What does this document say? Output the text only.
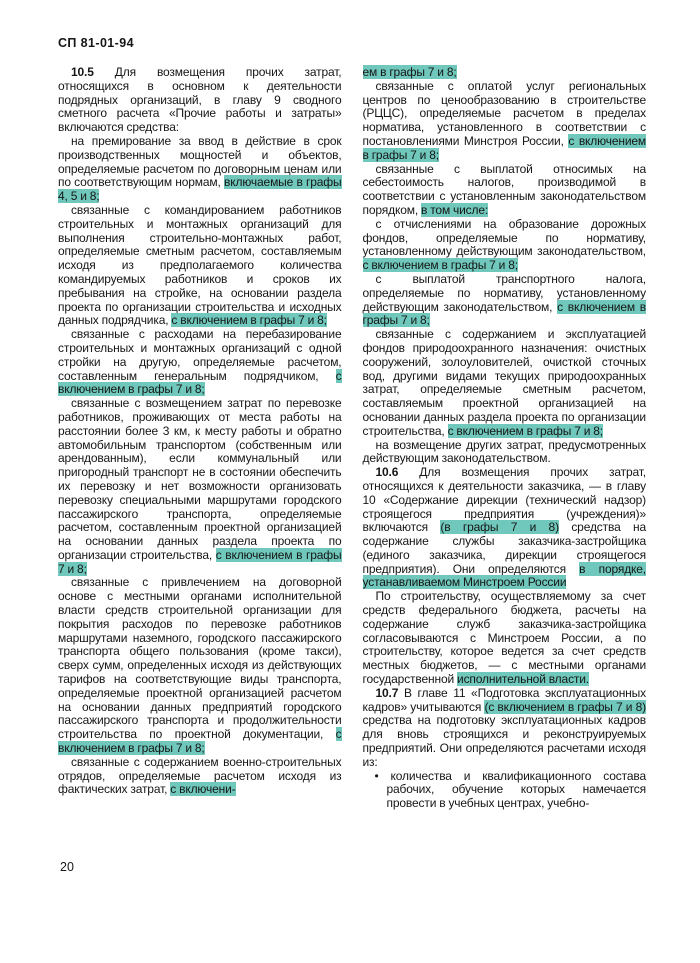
СП 81-01-94

10.5 Для возмещения прочих затрат, относящихся в основном к деятельности подрядных организаций, в главу 9 сводного сметного расчета «Прочие работы и затраты» включаются средства:

на премирование за ввод в действие в срок производственных мощностей и объектов, определяемые расчетом по договорным ценам или по соответствующим нормам, включаемые в графы 4, 5 и 8;

связанные с командированием работников строительных и монтажных организаций для выполнения строительно-монтажных работ, определяемые сметным расчетом, составляемым исходя из предполагаемого количества командируемых работников и сроков их пребывания на стройке, на основании раздела проекта по организации строительства и исходных данных подрядчика, с включением в графы 7 и 8;

связанные с расходами на перебазирование строительных и монтажных организаций с одной стройки на другую, определяемые расчетом, составленным генеральным подрядчиком, с включением в графы 7 и 8;

связанные с возмещением затрат по перевозке работников, проживающих от места работы на расстоянии более 3 км, к месту работы и обратно автомобильным транспортом (собственным или арендованным), если коммунальный или пригородный транспорт не в состоянии обеспечить их перевозку и нет возможности организовать перевозку специальными маршрутами городского пассажирского транспорта, определяемые расчетом, составленным проектной организацией на основании данных раздела проекта по организации строительства, с включением в графы 7 и 8;

связанные с привлечением на договорной основе с местными органами исполнительной власти средств строительной организации для покрытия расходов по перевозке работников маршрутами наземного, городского пассажирского транспорта общего пользования (кроме такси), сверх сумм, определенных исходя из действующих тарифов на соответствующие виды транспорта, определяемые проектной организацией расчетом на основании данных предприятий городского пассажирского транспорта и продолжительности строительства по проектной документации, с включением в графы 7 и 8;

связанные с содержанием военно-строительных отрядов, определяемые расчетом исходя из фактических затрат, с включени-

ем в графы 7 и 8;

связанные с оплатой услуг региональных центров по ценообразованию в строительстве (РЦЦС), определяемые расчетом в пределах норматива, установленного в соответствии с постановлениями Минстроя России, с включением в графы 7 и 8;

связанные с выплатой относимых на себестоимость налогов, производимой в соответствии с установленным законодательством порядком, в том числе:

с отчислениями на образование дорожных фондов, определяемые по нормативу, установленному действующим законодательством, с включением в графы 7 и 8;

с выплатой транспортного налога, определяемые по нормативу, установленному действующим законодательством, с включением в графы 7 и 8;

связанные с содержанием и эксплуатацией фондов природоохранного назначения: очистных сооружений, золоуловителей, очисткой сточных вод, другими видами текущих природоохранных затрат, определяемые сметным расчетом, составляемым проектной организацией на основании данных раздела проекта по организации строительства, с включением в графы 7 и 8;

на возмещение других затрат, предусмотренных действующим законодательством.

10.6 Для возмещения прочих затрат, относящихся к деятельности заказчика, — в главу 10 «Содержание дирекции (технический надзор) строящегося предприятия (учреждения)» включаются (в графы 7 и 8) средства на содержание службы заказчика-застройщика (единого заказчика, дирекции строящегося предприятия). Они определяются в порядке, устанавливаемом Минстроем России

По строительству, осуществляемому за счет средств федерального бюджета, расчеты на содержание служб заказчика-застройщика согласовываются с Минстроем России, а по строительству, которое ведется за счет средств местных бюджетов, — с местными органами государственной исполнительной власти.

10.7 В главе 11 «Подготовка эксплуатационных кадров» учитываются (с включением в графы 7 и 8) средства на подготовку эксплуатационных кадров для вновь строящихся и реконструируемых предприятий. Они определяются расчетами исходя из:

• количества и квалификационного состава рабочих, обучение которых намечается провести в учебных центрах, учебно-

20
